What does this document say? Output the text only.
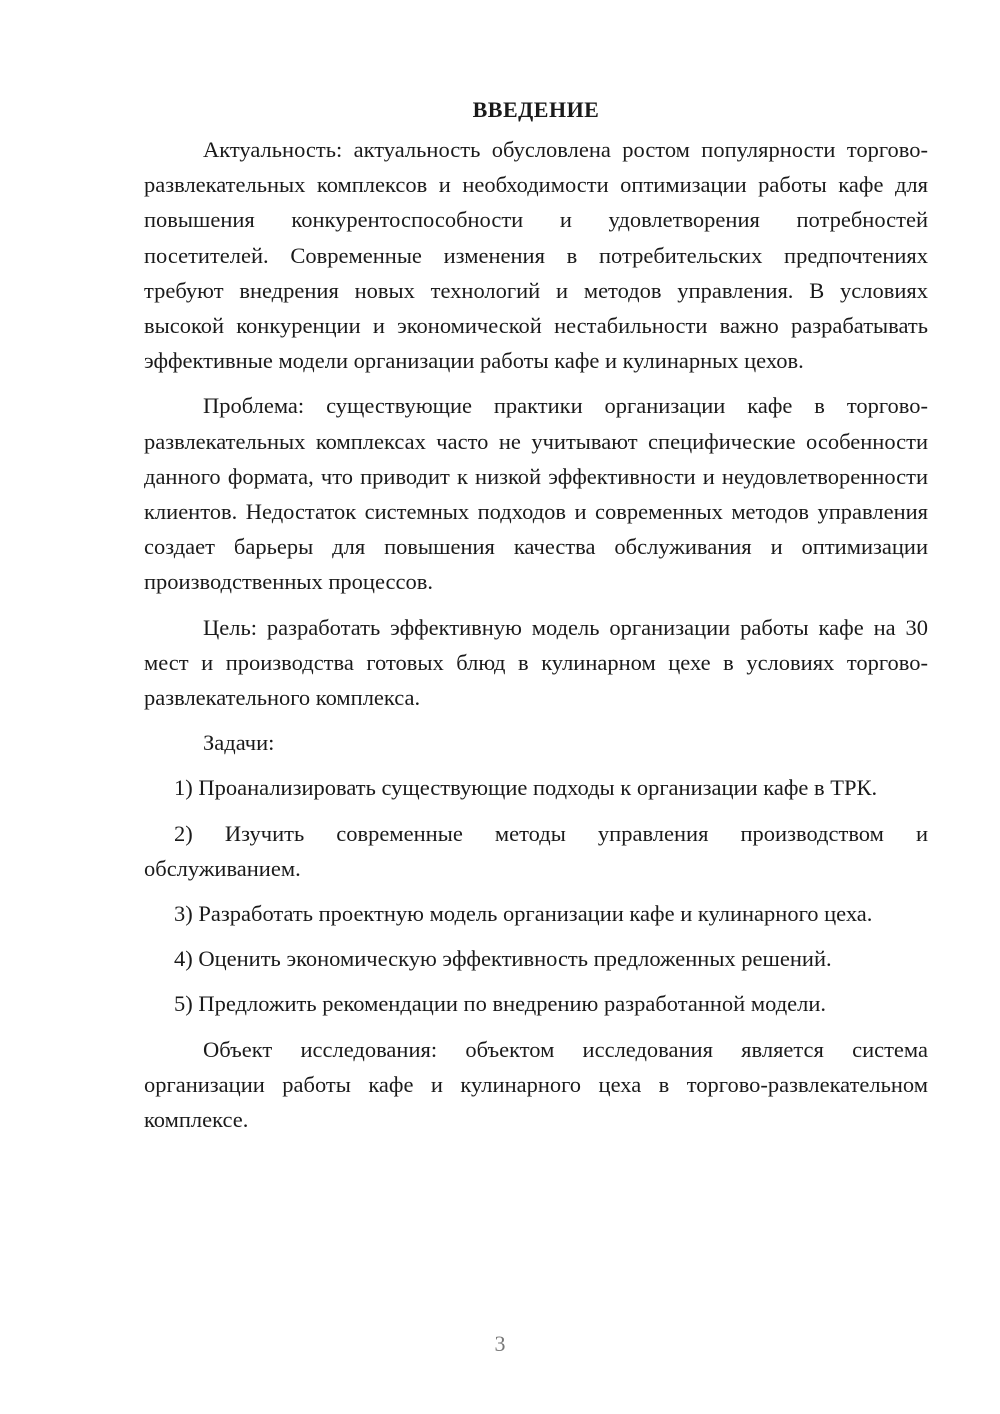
ВВЕДЕНИЕ

Актуальность: актуальность обусловлена ростом популярности торгово-развлекательных комплексов и необходимости оптимизации работы кафе для повышения конкурентоспособности и удовлетворения потребностей посетителей. Современные изменения в потребительских предпочтениях требуют внедрения новых технологий и методов управления. В условиях высокой конкуренции и экономической нестабильности важно разрабатывать эффективные модели организации работы кафе и кулинарных цехов.

Проблема: существующие практики организации кафе в торгово-развлекательных комплексах часто не учитывают специфические особенности данного формата, что приводит к низкой эффективности и неудовлетворенности клиентов. Недостаток системных подходов и современных методов управления создает барьеры для повышения качества обслуживания и оптимизации производственных процессов.

Цель: разработать эффективную модель организации работы кафе на 30 мест и производства готовых блюд в кулинарном цехе в условиях торгово-развлекательного комплекса.

Задачи:

1) Проанализировать существующие подходы к организации кафе в ТРК.

2) Изучить современные методы управления производством и обслуживанием.

3) Разработать проектную модель организации кафе и кулинарного цеха.

4) Оценить экономическую эффективность предложенных решений.

5) Предложить рекомендации по внедрению разработанной модели.

Объект исследования: объектом исследования является система организации работы кафе и кулинарного цеха в торгово-развлекательном комплексе.

3
